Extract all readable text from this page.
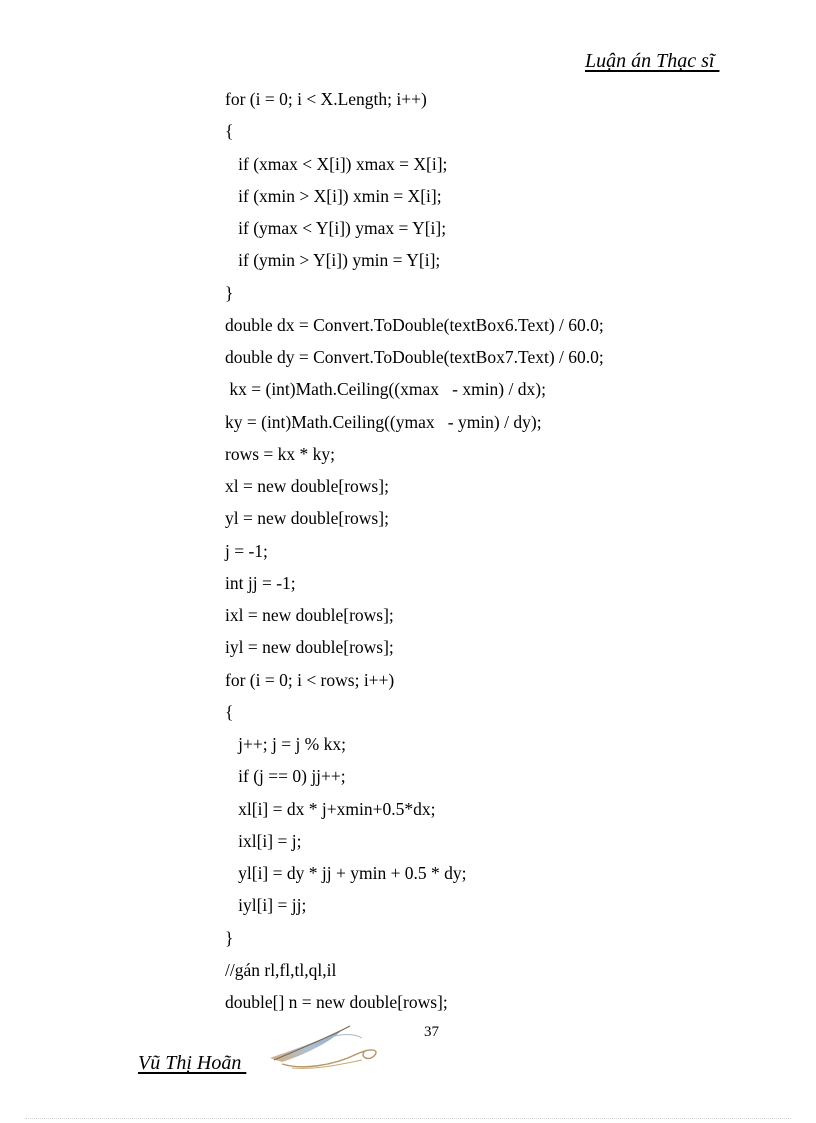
Luận án Thạc sĩ
for (i = 0; i < X.Length; i++)
{
if (xmax < X[i]) xmax = X[i];
if (xmin > X[i]) xmin = X[i];
if (ymax < Y[i]) ymax = Y[i];
if (ymin > Y[i]) ymin = Y[i];
}
double dx = Convert.ToDouble(textBox6.Text) / 60.0;
double dy = Convert.ToDouble(textBox7.Text) / 60.0;
kx = (int)Math.Ceiling((xmax   - xmin) / dx);
ky = (int)Math.Ceiling((ymax   - ymin) / dy);
rows = kx * ky;
xl = new double[rows];
yl = new double[rows];
j = -1;
int jj = -1;
ixl = new double[rows];
iyl = new double[rows];
for (i = 0; i < rows; i++)
{
j++; j = j % kx;
if (j == 0) jj++;
xl[i] = dx * j+xmin+0.5*dx;
ixl[i] = j;
yl[i] = dy * jj + ymin + 0.5 * dy;
iyl[i] = jj;
}
//gán rl,fl,tl,ql,il
double[] n = new double[rows];
37
Vũ Thị Hoãn
